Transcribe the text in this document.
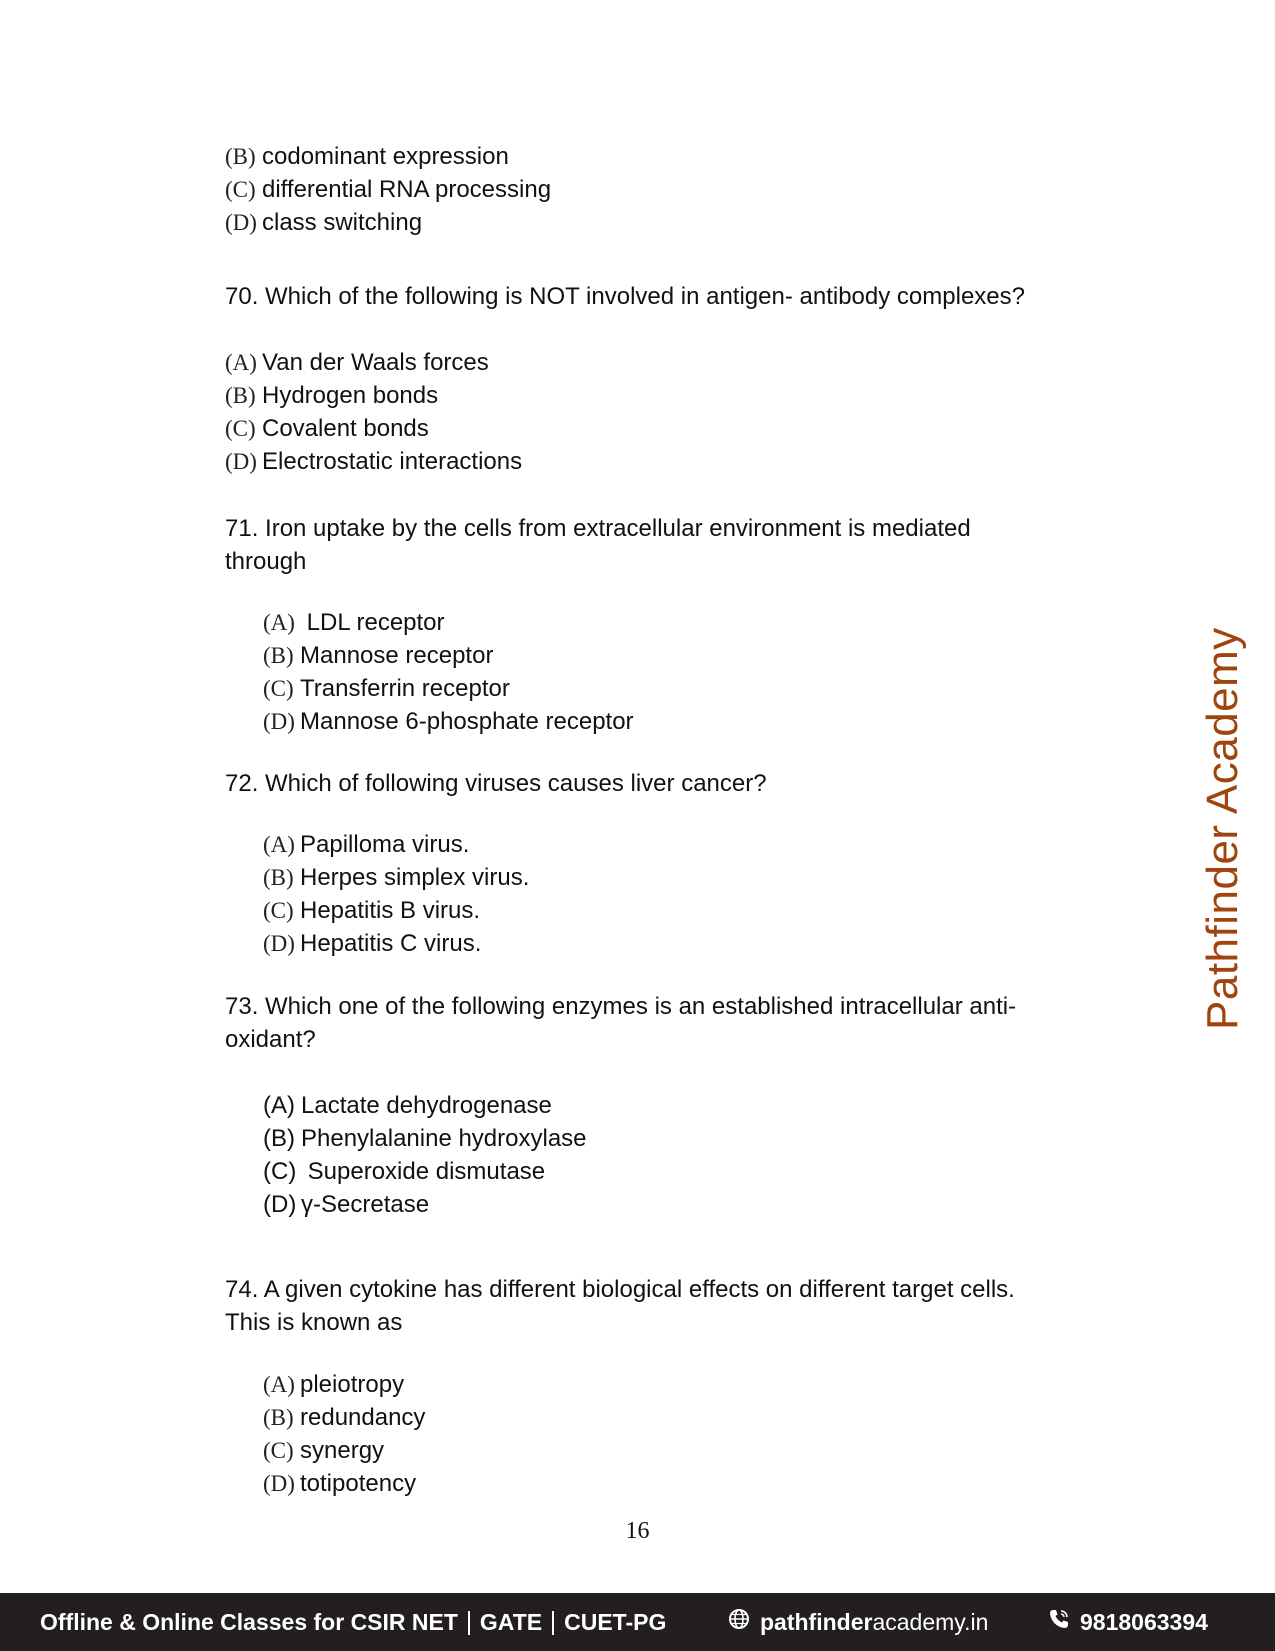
(B) codominant expression
(C) differential RNA processing
(D) class switching

70. Which of the following is NOT involved in antigen- antibody complexes?

(A) Van der Waals forces
(B) Hydrogen bonds
(C) Covalent bonds
(D) Electrostatic interactions

71. Iron uptake by the cells from extracellular environment is mediated

through

(A) LDL receptor
(B) Mannose receptor
(C) Transferrin receptor
(D) Mannose 6-phosphate receptor

72. Which of following viruses causes liver cancer?

(A) Papilloma virus.
(B) Herpes simplex virus.
(C) Hepatitis B virus.
(D) Hepatitis C virus.

73. Which one of the following enzymes is an established intracellular anti-

oxidant?

(A) Lactate dehydrogenase
(B) Phenylalanine hydroxylase
(C) Superoxide dismutase
(D) γ-Secretase

74. A given cytokine has different biological effects on different target cells.

This is known as

(A) pleiotropy
(B) redundancy
(C) synergy
(D) totipotency
16
Pathfinder Academy
Offline & Online Classes for CSIR NET GATE CUET-PG	pathfinder academy.in	9818063394
